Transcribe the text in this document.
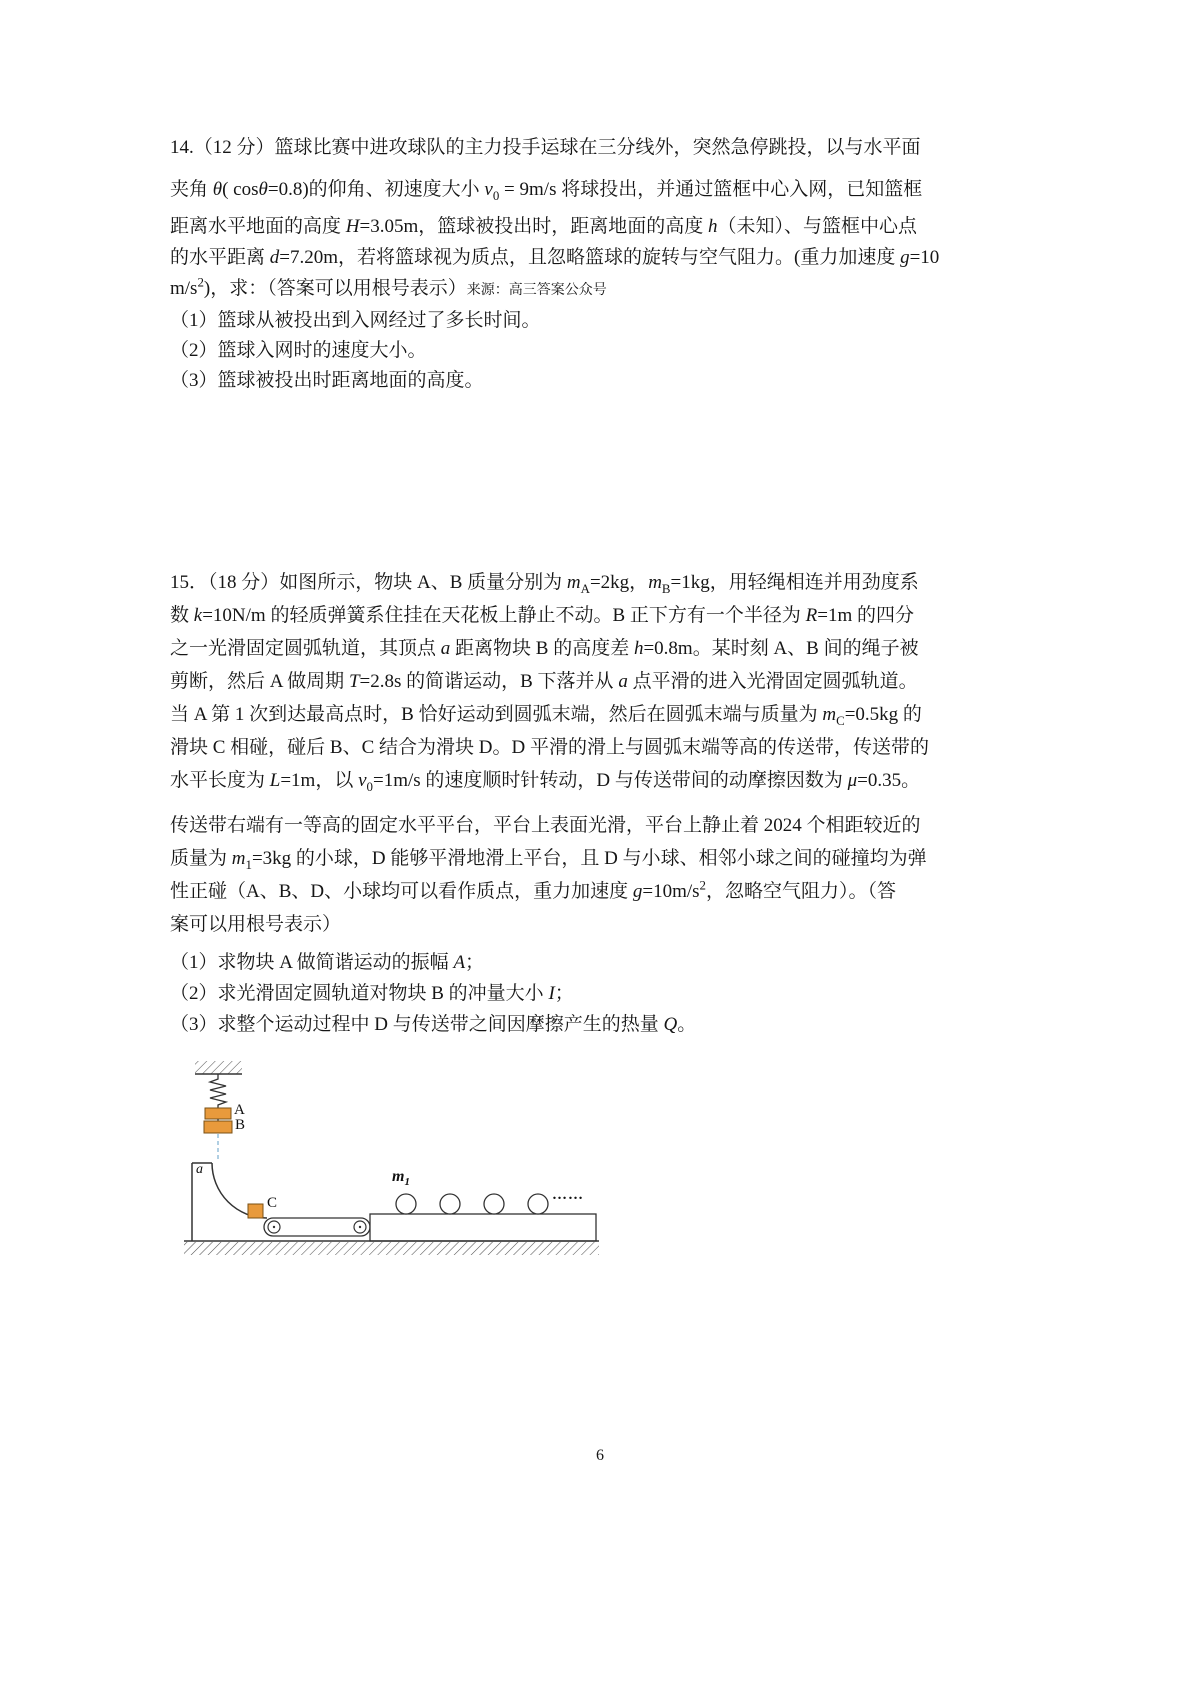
14.（12 分）篮球比赛中进攻球队的主力投手运球在三分线外，突然急停跳投，以与水平面
夹角 θ( cosθ=0.8)的仰角、初速度大小 $v_0 = 9m/s$ 将球投出，并通过篮框中心入网，已知篮框
距离水平地面的高度 H=3.05m，篮球被投出时，距离地面的高度 h（未知）、与篮框中心点
的水平距离 d=7.20m，若将篮球视为质点，且忽略篮球的旋转与空气阻力。(重力加速度 g=10
$m/s^2$)，求：（答案可以用根号表示）来源：高三答案公众号
（1）篮球从被投出到入网经过了多长时间。
（2）篮球入网时的速度大小。
（3）篮球被投出时距离地面的高度。
15．（18 分）如图所示，物块 A、B 质量分别为 $m_A=2kg$，$m_B=1kg$，用轻绳相连并用劲度系
数 k=10N/m 的轻质弹簧系住挂在天花板上静止不动。B 正下方有一个半径为 R=1m 的四分
之一光滑固定圆弧轨道，其顶点 a 距离物块 B 的高度差 h=0.8m。某时刻 A、B 间的绳子被
剪断，然后 A 做周期 T=2.8s 的简谐运动，B 下落并从 a 点平滑的进入光滑固定圆弧轨道。
当 A 第 1 次到达最高点时，B 恰好运动到圆弧末端，然后在圆弧末端与质量为 $m_C=0.5kg$ 的
滑块 C 相碰，碰后 B、C 结合为滑块 D。D 平滑的滑上与圆弧末端等高的传送带，传送带的
水平长度为 L=1m，以 $v_0=1m/s$ 的速度顺时针转动，D 与传送带间的动摩擦因数为 μ=0.35。
传送带右端有一等高的固定水平平台，平台上表面光滑，平台上静止着 2024 个相距较近的
质量为 $m_1=3kg$ 的小球，D 能够平滑地滑上平台，且 D 与小球、相邻小球之间的碰撞均为弹
性正碰（A、B、D、小球均可以看作质点，重力加速度 $g=10m/s^2$，忽略空气阻力）。（答
案可以用根号表示）
（1）求物块 A 做简谐运动的振幅 A；
（2）求光滑固定圆轨道对物块 B 的冲量大小 I；
（3）求整个运动过程中 D 与传送带之间因摩擦产生的热量 Q。
A
B
a
C
$m_1$
……
6
